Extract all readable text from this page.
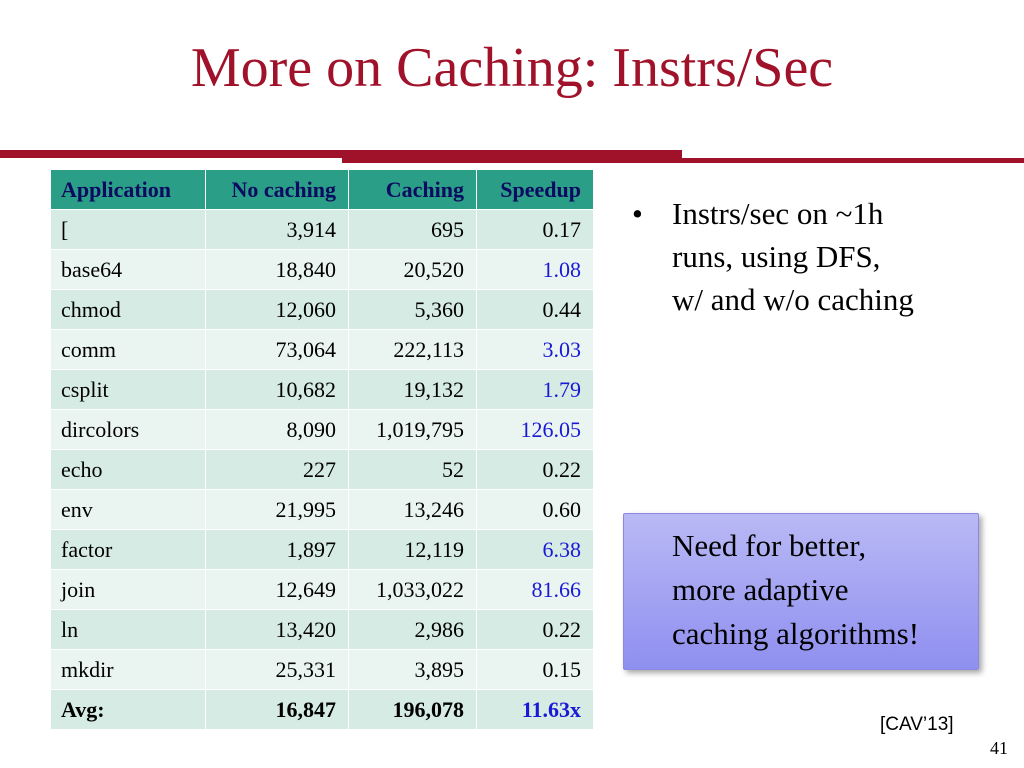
More on Caching: Instrs/Sec
Application	No caching	Caching	Speedup
[	3,914	695	0.17
base64	18,840	20,520	1.08
chmod	12,060	5,360	0.44
comm	73,064	222,113	3.03
csplit	10,682	19,132	1.79
dircolors	8,090	1,019,795	126.05
echo	227	52	0.22
env	21,995	13,246	0.60
factor	1,897	12,119	6.38
join	12,649	1,033,022	81.66
ln	13,420	2,986	0.22
mkdir	25,331	3,895	0.15
Avg:	16,847	196,078	11.63x
• Instrs/sec on ~1h
runs, using DFS,
w/ and w/o caching
Need for better,
more adaptive
caching algorithms!
[CAV’13]
41
